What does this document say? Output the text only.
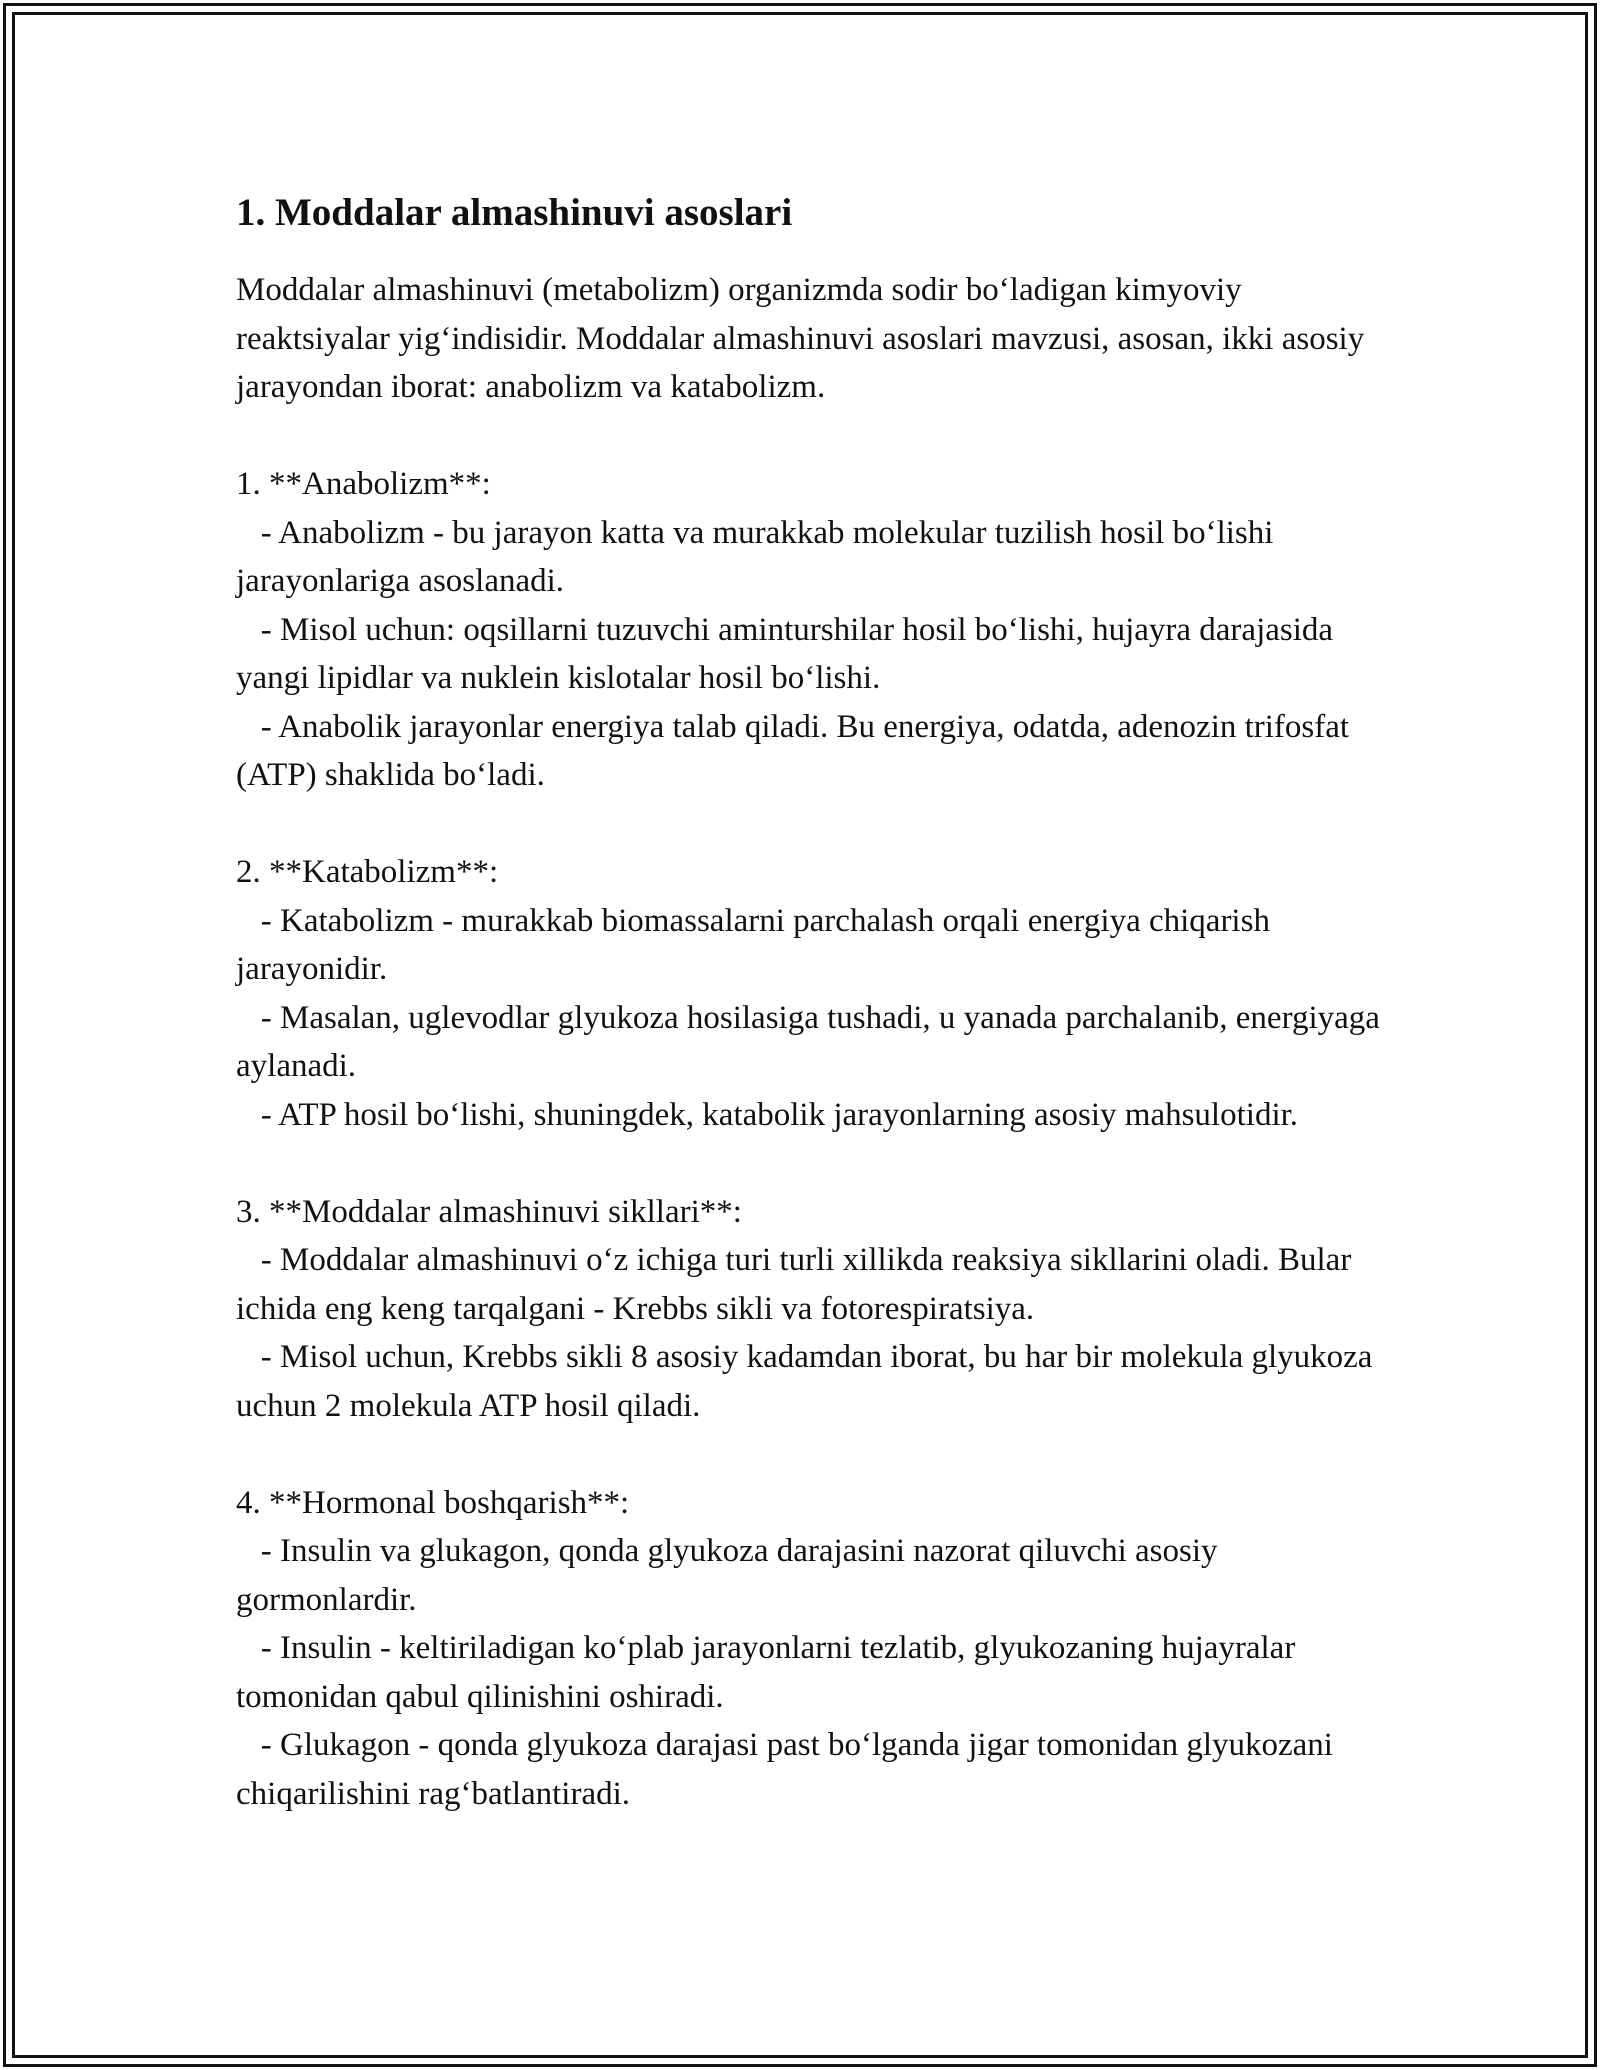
1. Moddalar almashinuvi asoslari

Moddalar almashinuvi (metabolizm) organizmda sodir boʻladigan kimyoviy reaktsiyalar yigʻindisidir. Moddalar almashinuvi asoslari mavzusi, asosan, ikki asosiy jarayondan iborat: anabolizm va katabolizm.

1. **Anabolizm**:
- Anabolizm - bu jarayon katta va murakkab molekular tuzilish hosil boʻlishi jarayonlariga asoslanadi.
- Misol uchun: oqsillarni tuzuvchi aminturshilar hosil boʻlishi, hujayra darajasida yangi lipidlar va nuklein kislotalar hosil boʻlishi.
- Anabolik jarayonlar energiya talab qiladi. Bu energiya, odatda, adenozin trifosfat (ATP) shaklida boʻladi.
2. **Katabolizm**:
- Katabolizm - murakkab biomassalarni parchalash orqali energiya chiqarish jarayonidir.
- Masalan, uglevodlar glyukoza hosilasiga tushadi, u yanada parchalanib, energiyaga aylanadi.
- ATP hosil boʻlishi, shuningdek, katabolik jarayonlarning asosiy mahsulotidir.
3. **Moddalar almashinuvi sikllari**:
- Moddalar almashinuvi oʻz ichiga turi turli xillikda reaksiya sikllarini oladi. Bular ichida eng keng tarqalgani - Krebbs sikli va fotorespiratsiya.
- Misol uchun, Krebbs sikli 8 asosiy kadamdan iborat, bu har bir molekula glyukoza uchun 2 molekula ATP hosil qiladi.
4. **Hormonal boshqarish**:
- Insulin va glukagon, qonda glyukoza darajasini nazorat qiluvchi asosiy gormonlardir.
- Insulin - keltiriladigan koʻplab jarayonlarni tezlatib, glyukozaning hujayralar tomonidan qabul qilinishini oshiradi.
- Glukagon - qonda glyukoza darajasi past boʻlganda jigar tomonidan glyukozani chiqarilishini ragʻbatlantiradi.
